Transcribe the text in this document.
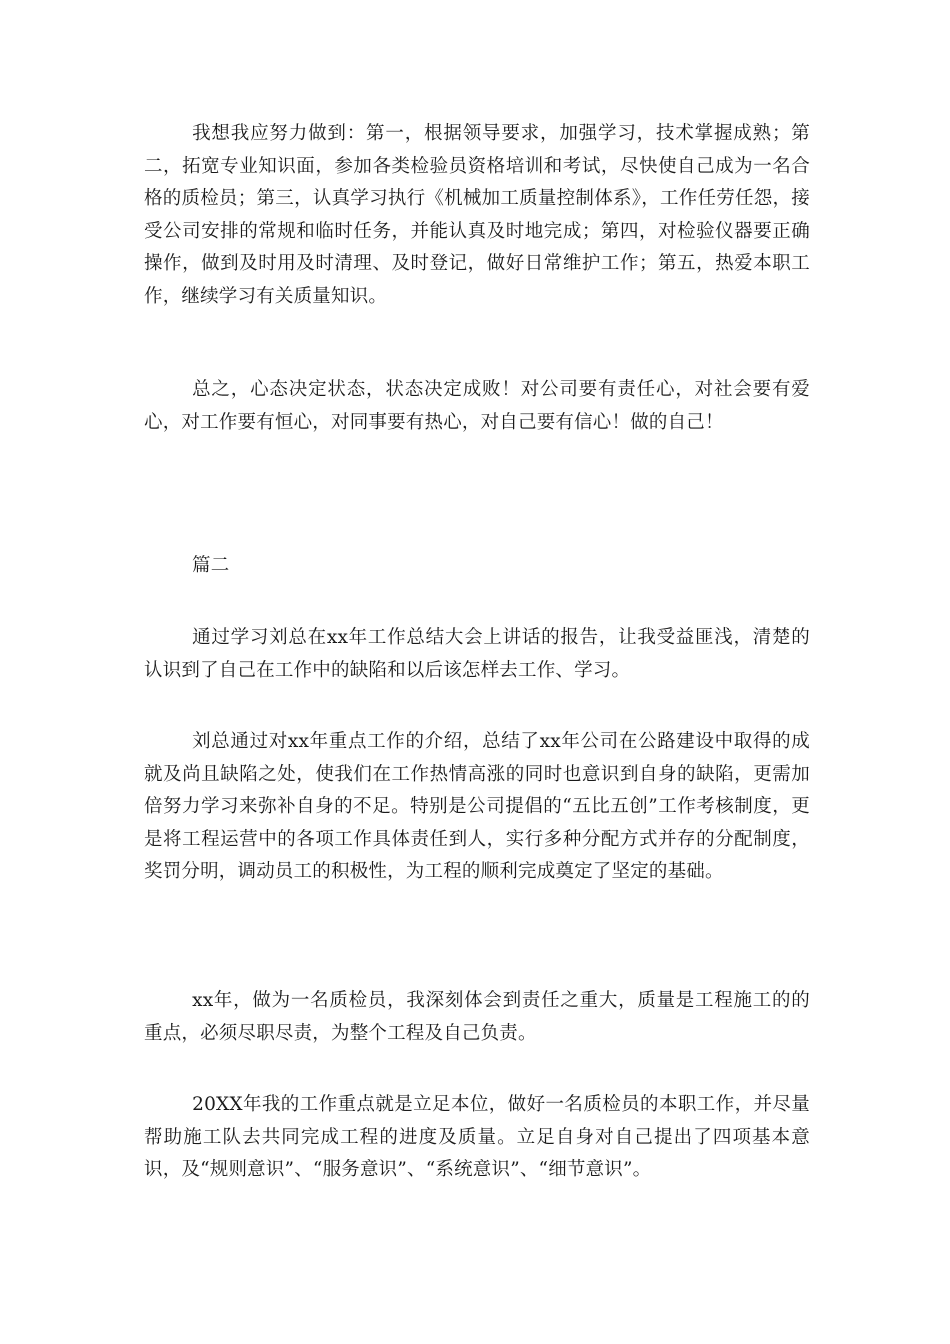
我想我应努力做到：第一，根据领导要求，加强学习，技术掌握成熟；第二，拓宽专业知识面，参加各类检验员资格培训和考试，尽快使自己成为一名合格的质检员；第三，认真学习执行《机械加工质量控制体系》，工作任劳任怨，接受公司安排的常规和临时任务，并能认真及时地完成；第四，对检验仪器要正确操作，做到及时用及时清理、及时登记，做好日常维护工作；第五，热爱本职工作，继续学习有关质量知识。

总之，心态决定状态，状态决定成败！对公司要有责任心，对社会要有爱心，对工作要有恒心，对同事要有热心，对自己要有信心！做的自己！

篇二

通过学习刘总在xx年工作总结大会上讲话的报告，让我受益匪浅，清楚的认识到了自己在工作中的缺陷和以后该怎样去工作、学习。

刘总通过对xx年重点工作的介绍，总结了xx年公司在公路建设中取得的成就及尚且缺陷之处，使我们在工作热情高涨的同时也意识到自身的缺陷，更需加倍努力学习来弥补自身的不足。特别是公司提倡的“五比五创”工作考核制度，更是将工程运营中的各项工作具体责任到人，实行多种分配方式并存的分配制度，奖罚分明，调动员工的积极性，为工程的顺利完成奠定了坚定的基础。

xx年，做为一名质检员，我深刻体会到责任之重大，质量是工程施工的的重点，必须尽职尽责，为整个工程及自己负责。

20XX年我的工作重点就是立足本位，做好一名质检员的本职工作，并尽量帮助施工队去共同完成工程的进度及质量。立足自身对自己提出了四项基本意识，及“规则意识”、“服务意识”、“系统意识”、“细节意识”。
